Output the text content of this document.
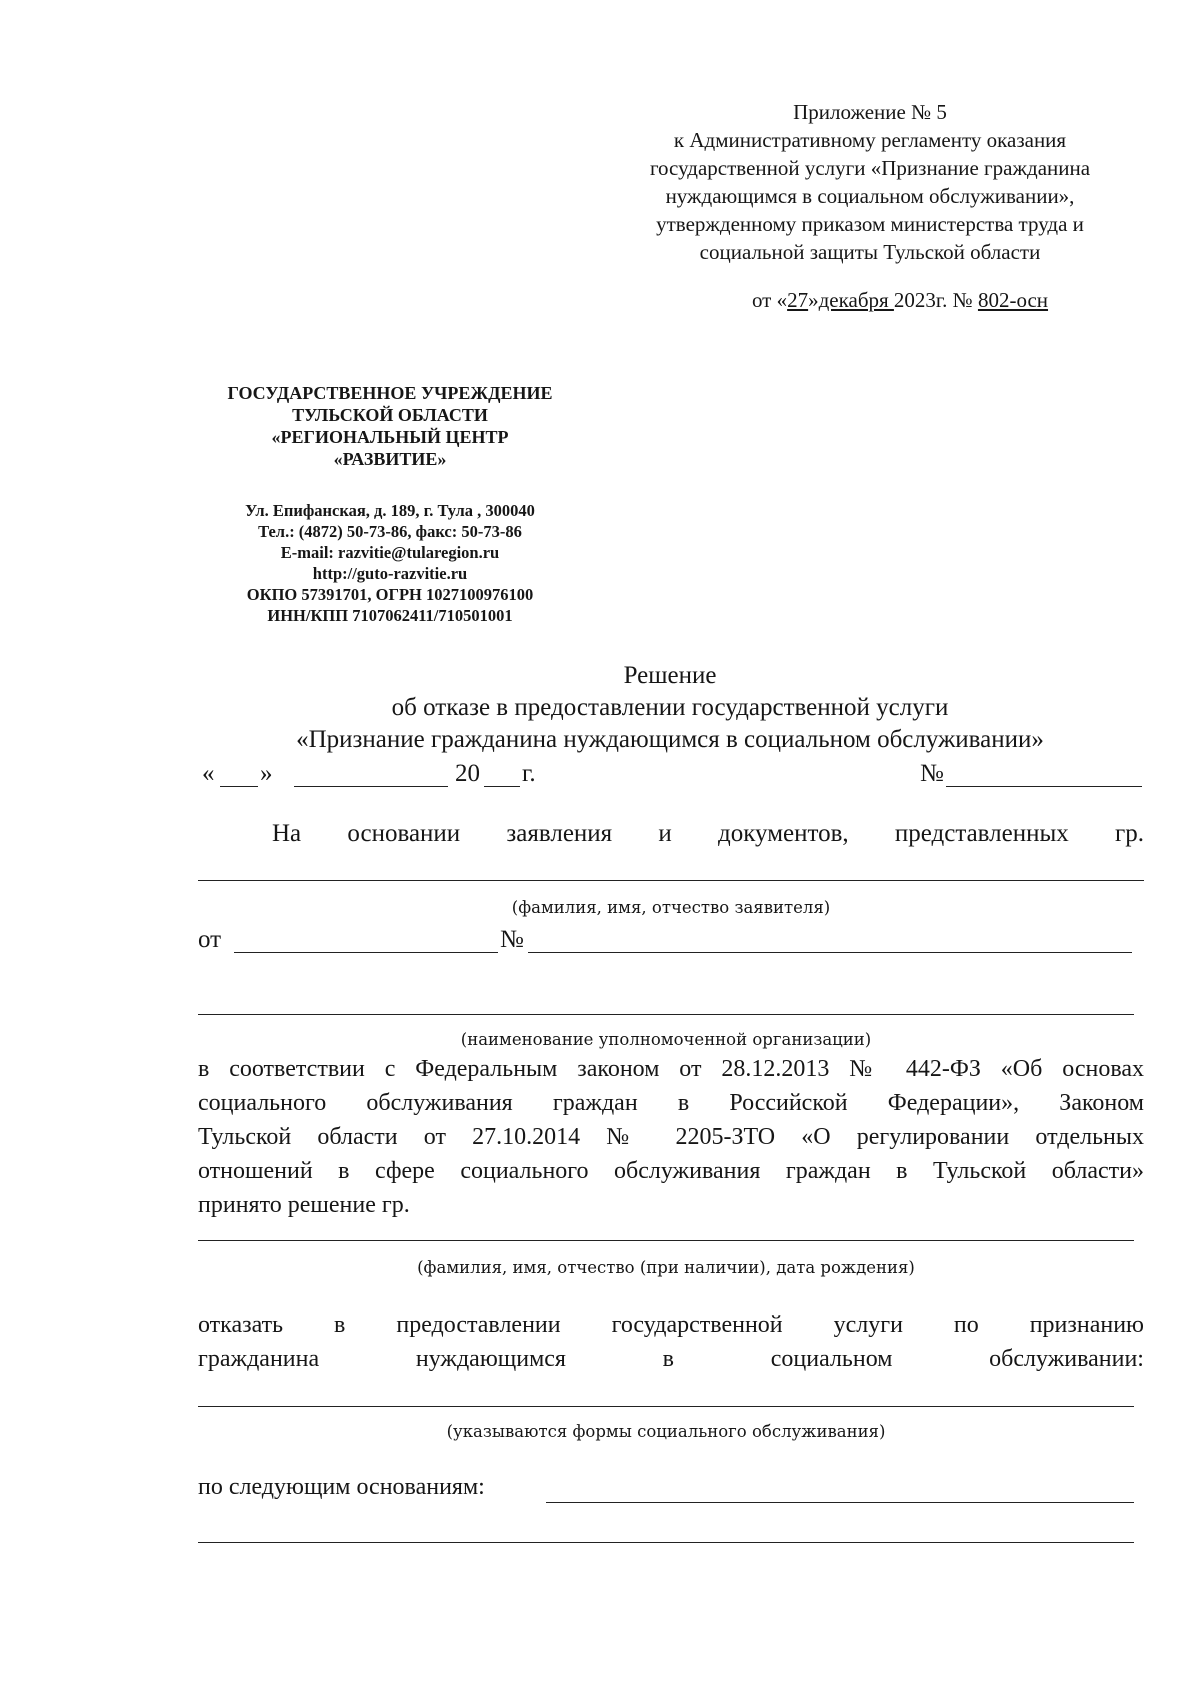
Приложение № 5
к Административному регламенту оказания
государственной услуги «Признание гражданина
нуждающимся в социальном обслуживании»,
утвержденному приказом министерства труда и
социальной защиты Тульской области
от «27»декабря 2023г. № 802-осн
ГОСУДАРСТВЕННОЕ УЧРЕЖДЕНИЕ
ТУЛЬСКОЙ ОБЛАСТИ
«РЕГИОНАЛЬНЫЙ ЦЕНТР
«РАЗВИТИЕ»
Ул. Епифанская, д. 189, г. Тула , 300040
Тел.: (4872) 50-73-86, факс: 50-73-86
E-mail: razvitie@tularegion.ru
http://guto-razvitie.ru
ОКПО 57391701, ОГРН 1027100976100
ИНН/КПП 7107062411/710501001
Решение
об отказе в предоставлении государственной услуги
«Признание гражданина нуждающимся в социальном обслуживании»
« »	20 г.	№
На основании заявления и документов, представленных гр.
(фамилия, имя, отчество заявителя)
от	№
(наименование уполномоченной организации)
в соответствии с Федеральным законом от 28.12.2013 № 442-ФЗ «Об основах
социального обслуживания граждан в Российской Федерации», Законом
Тульской области от 27.10.2014 № 2205-ЗТО «О регулировании отдельных
отношений в сфере социального обслуживания граждан в Тульской области»
принято решение гр.
(фамилия, имя, отчество (при наличии), дата рождения)
отказать в предоставлении государственной услуги по признанию
гражданина	нуждающимся	в	социальном	обслуживании:
(указываются формы социального обслуживания)
по следующим основаниям:
